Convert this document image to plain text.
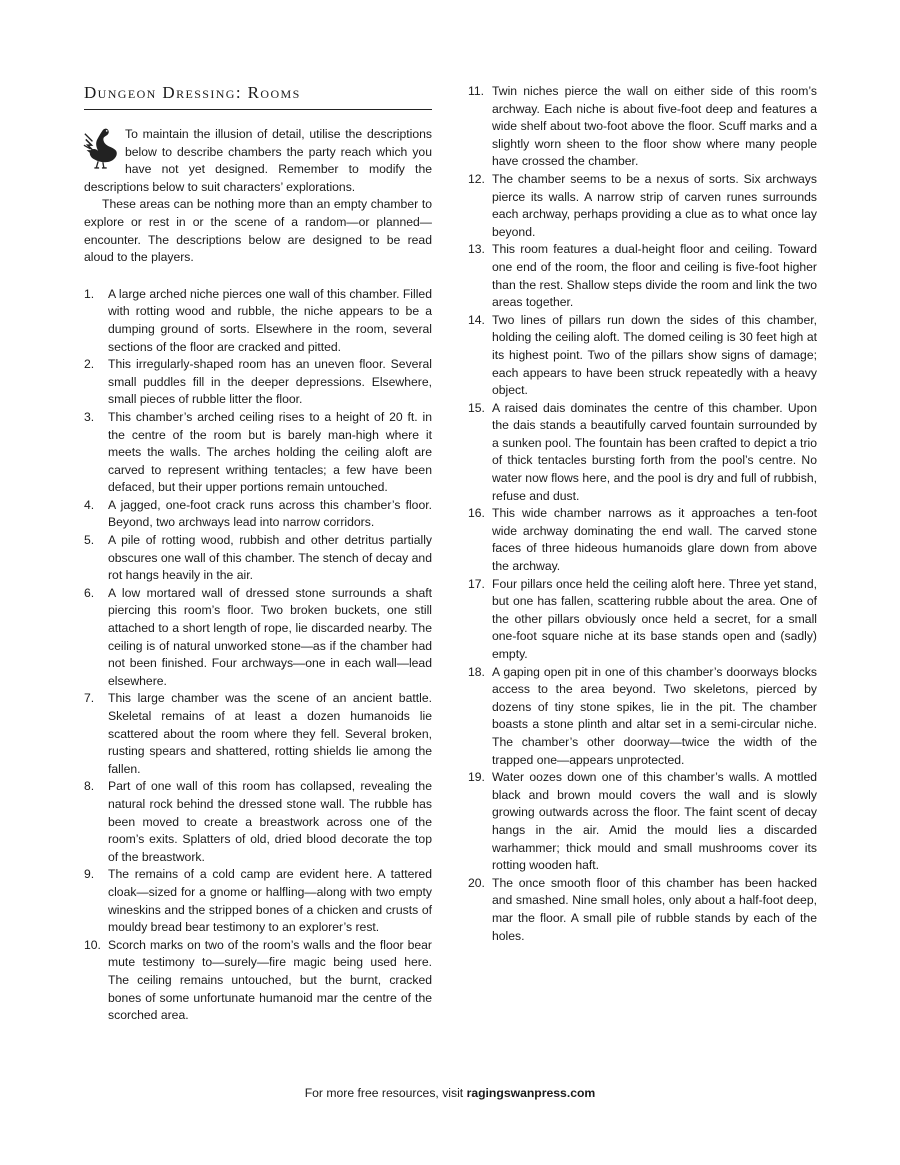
Dungeon Dressing: Rooms

To maintain the illusion of detail, utilise the descriptions below to describe chambers the party reach which you have not yet designed. Remember to modify the descriptions below to suit characters’ explorations.

These areas can be nothing more than an empty chamber to explore or rest in or the scene of a random—or planned—encounter. The descriptions below are designed to be read aloud to the players.

1. A large arched niche pierces one wall of this chamber. Filled with rotting wood and rubble, the niche appears to be a dumping ground of sorts. Elsewhere in the room, several sections of the floor are cracked and pitted.
2. This irregularly-shaped room has an uneven floor. Several small puddles fill in the deeper depressions. Elsewhere, small pieces of rubble litter the floor.
3. This chamber’s arched ceiling rises to a height of 20 ft. in the centre of the room but is barely man-high where it meets the walls. The arches holding the ceiling aloft are carved to represent writhing tentacles; a few have been defaced, but their upper portions remain untouched.
4. A jagged, one-foot crack runs across this chamber’s floor. Beyond, two archways lead into narrow corridors.
5. A pile of rotting wood, rubbish and other detritus partially obscures one wall of this chamber. The stench of decay and rot hangs heavily in the air.
6. A low mortared wall of dressed stone surrounds a shaft piercing this room’s floor. Two broken buckets, one still attached to a short length of rope, lie discarded nearby. The ceiling is of natural unworked stone—as if the chamber had not been finished. Four archways—one in each wall—lead elsewhere.
7. This large chamber was the scene of an ancient battle. Skeletal remains of at least a dozen humanoids lie scattered about the room where they fell. Several broken, rusting spears and shattered, rotting shields lie among the fallen.
8. Part of one wall of this room has collapsed, revealing the natural rock behind the dressed stone wall. The rubble has been moved to create a breastwork across one of the room’s exits. Splatters of old, dried blood decorate the top of the breastwork.
9. The remains of a cold camp are evident here. A tattered cloak—sized for a gnome or halfling—along with two empty wineskins and the stripped bones of a chicken and crusts of mouldy bread bear testimony to an explorer’s rest.
10. Scorch marks on two of the room’s walls and the floor bear mute testimony to—surely—fire magic being used here. The ceiling remains untouched, but the burnt, cracked bones of some unfortunate humanoid mar the centre of the scorched area.
11. Twin niches pierce the wall on either side of this room’s archway. Each niche is about five-foot deep and features a wide shelf about two-foot above the floor. Scuff marks and a slightly worn sheen to the floor show where many people have crossed the chamber.
12. The chamber seems to be a nexus of sorts. Six archways pierce its walls. A narrow strip of carven runes surrounds each archway, perhaps providing a clue as to what once lay beyond.
13. This room features a dual-height floor and ceiling. Toward one end of the room, the floor and ceiling is five-foot higher than the rest. Shallow steps divide the room and link the two areas together.
14. Two lines of pillars run down the sides of this chamber, holding the ceiling aloft. The domed ceiling is 30 feet high at its highest point. Two of the pillars show signs of damage; each appears to have been struck repeatedly with a heavy object.
15. A raised dais dominates the centre of this chamber. Upon the dais stands a beautifully carved fountain surrounded by a sunken pool. The fountain has been crafted to depict a trio of thick tentacles bursting forth from the pool’s centre. No water now flows here, and the pool is dry and full of rubbish, refuse and dust.
16. This wide chamber narrows as it approaches a ten-foot wide archway dominating the end wall. The carved stone faces of three hideous humanoids glare down from above the archway.
17. Four pillars once held the ceiling aloft here. Three yet stand, but one has fallen, scattering rubble about the area. One of the other pillars obviously once held a secret, for a small one-foot square niche at its base stands open and (sadly) empty.
18. A gaping open pit in one of this chamber’s doorways blocks access to the area beyond. Two skeletons, pierced by dozens of tiny stone spikes, lie in the pit. The chamber boasts a stone plinth and altar set in a semi-circular niche. The chamber’s other doorway—twice the width of the trapped one—appears unprotected.
19. Water oozes down one of this chamber’s walls. A mottled black and brown mould covers the wall and is slowly growing outwards across the floor. The faint scent of decay hangs in the air. Amid the mould lies a discarded warhammer; thick mould and small mushrooms cover its rotting wooden haft.
20. The once smooth floor of this chamber has been hacked and smashed. Nine small holes, only about a half-foot deep, mar the floor. A small pile of rubble stands by each of the holes.
For more free resources, visit ragingswanpress.com
